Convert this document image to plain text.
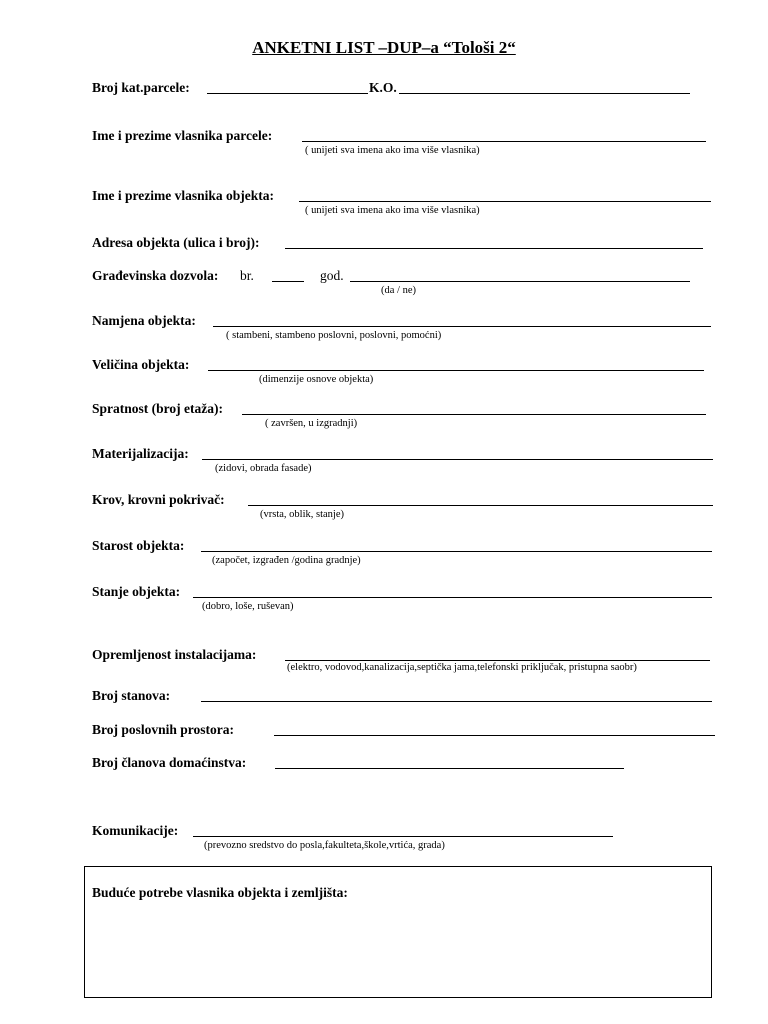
ANKETNI LIST –DUP–a “Tološi 2“
Broj kat.parcele:	K.O.
Ime i prezime vlasnika parcele:
( unijeti sva imena ako ima više vlasnika)
Ime i prezime vlasnika objekta:
( unijeti sva imena ako ima više vlasnika)
Adresa objekta (ulica i broj):
Građevinska dozvola: br.	god.
(da / ne)
Namjena objekta:
( stambeni, stambeno poslovni, poslovni, pomoćni)
Veličina objekta:
(dimenzije osnove objekta)
Spratnost (broj etaža):
( završen, u izgradnji)
Materijalizacija:
(zidovi, obrada fasade)
Krov, krovni pokrivač:
(vrsta, oblik, stanje)
Starost objekta:
(započet, izgrađen /godina gradnje)
Stanje objekta:
(dobro, loše, ruševan)
Opremljenost instalacijama:
(elektro, vodovod,kanalizacija,septička jama,telefonski priključak, pristupna saobr)
Broj stanova:
Broj poslovnih prostora:
Broj članova domaćinstva:
Komunikacije:
(prevozno sredstvo do posla,fakulteta,škole,vrtića, grada)
Buduće potrebe vlasnika objekta i zemljišta:
